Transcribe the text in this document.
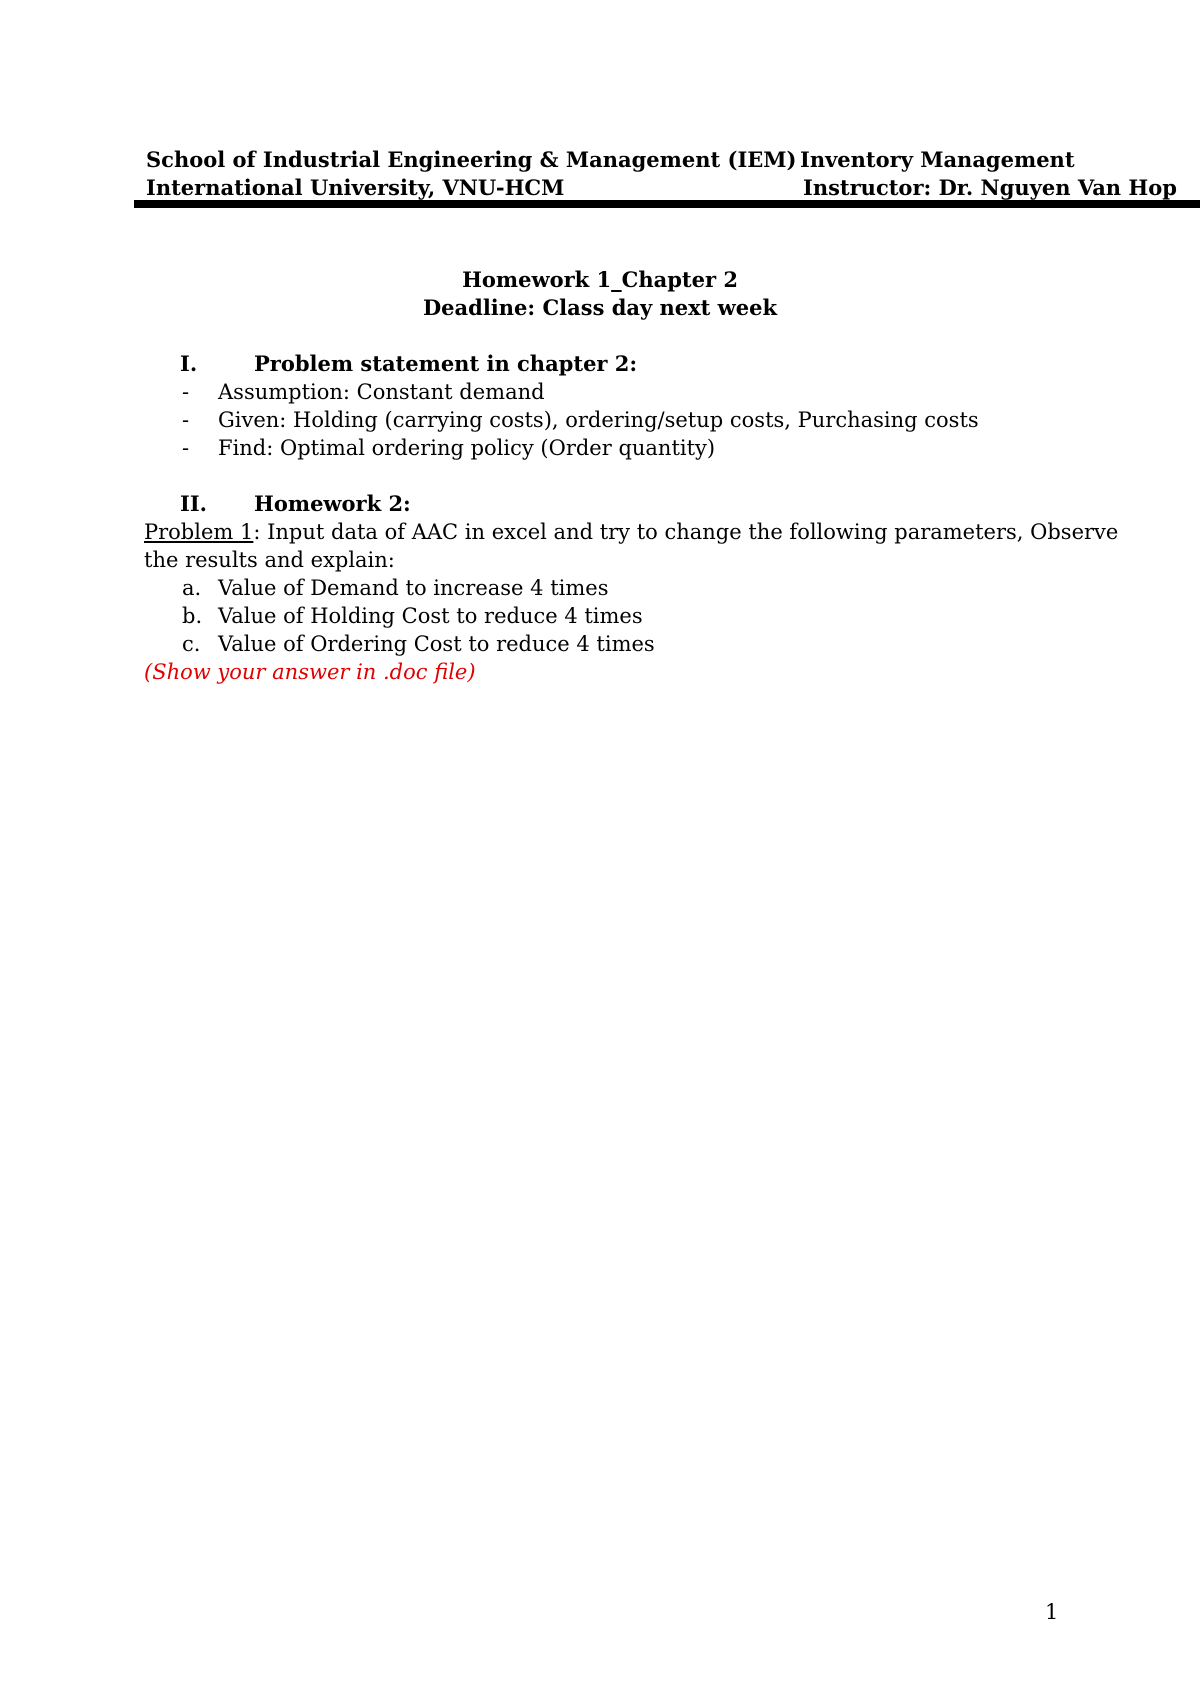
School of Industrial Engineering & Management (IEM) Inventory Management
International University, VNU-HCM	Instructor: Dr. Nguyen Van Hop
Homework 1_Chapter 2
Deadline: Class day next week
I.	Problem statement in chapter 2:
- Assumption: Constant demand
- Given: Holding (carrying costs), ordering/setup costs, Purchasing costs
- Find: Optimal ordering policy (Order quantity)
II. Homework 2:
Problem 1: Input data of AAC in excel and try to change the following parameters, Observe
the results and explain:
a. Value of Demand to increase 4 times
b. Value of Holding Cost to reduce 4 times
c. Value of Ordering Cost to reduce 4 times
(Show your answer in .doc file)
1
